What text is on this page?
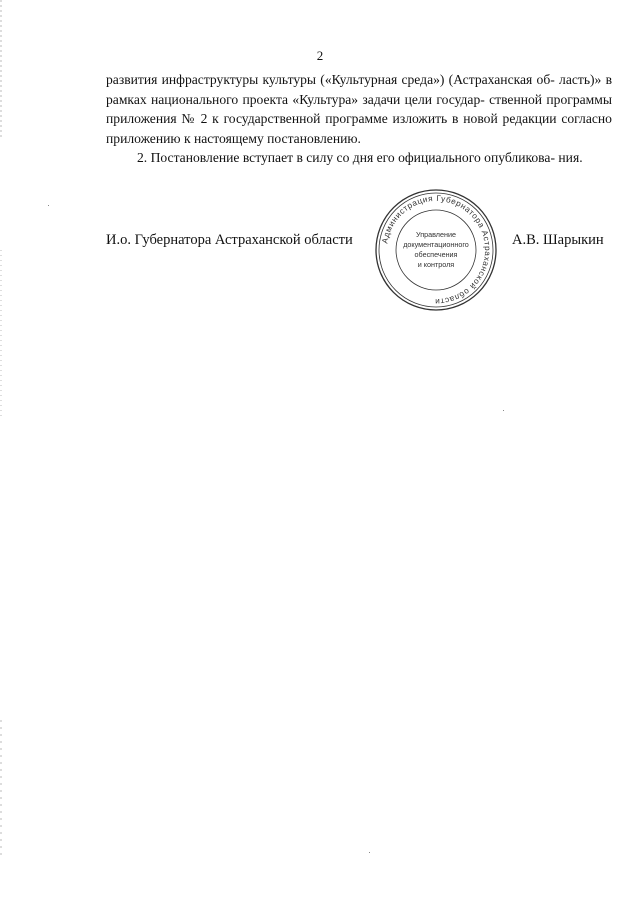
2

развития инфраструктуры культуры («Культурная среда») (Астраханская об- ласть)» в рамках национального проекта «Культура» задачи цели государ- ственной программы приложения № 2 к государственной программе изложить в новой редакции согласно приложению к настоящему постановлению.

2. Постановление вступает в силу со дня его официального опубликова- ния.

И.о. Губернатора Астраханской области	А.В. Шарыкин
Администрация Губернатора Астраханской области
Управление
документационного
обеспечения
и контроля
